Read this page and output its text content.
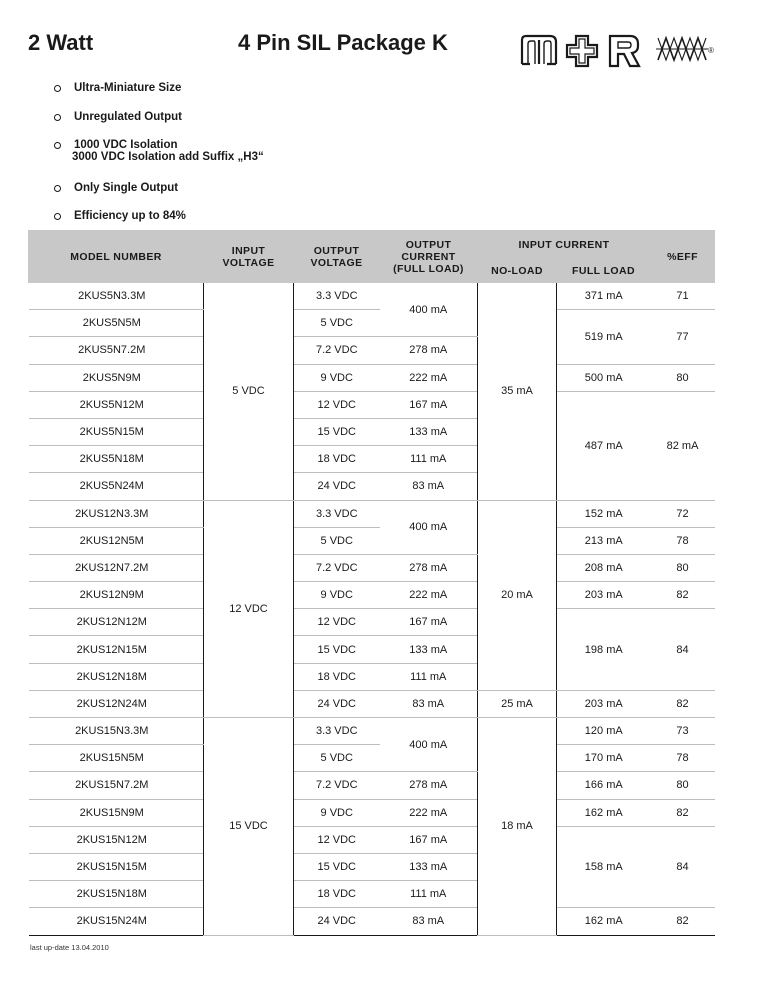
2 Watt	4 Pin SIL Package K	®
Ultra-Miniature Size
Unregulated Output
1000 VDC Isolation
3000 VDC Isolation add Suffix „H3“
Only Single Output
Efficiency up to 84%
MODEL NUMBER	INPUT VOLTAGE	OUTPUT VOLTAGE	OUTPUT CURRENT (FULL LOAD)	INPUT CURRENT		%EFF
				NO-LOAD	FULL LOAD	
2KUS5N3.3M	5 VDC	3.3 VDC	400 mA	35 mA	371 mA	71
2KUS5N5M		5 VDC			519 mA	77
2KUS5N7.2M		7.2 VDC	278 mA			
2KUS5N9M		9 VDC	222 mA		500 mA	80
2KUS5N12M		12 VDC	167 mA		487 mA	82 mA
2KUS5N15M		15 VDC	133 mA			
2KUS5N18M		18 VDC	111 mA			
2KUS5N24M		24 VDC	83 mA			
2KUS12N3.3M	12 VDC	3.3 VDC	400 mA	20 mA	152 mA	72
2KUS12N5M		5 VDC			213 mA	78
2KUS12N7.2M		7.2 VDC	278 mA		208 mA	80
2KUS12N9M		9 VDC	222 mA		203 mA	82
2KUS12N12M		12 VDC	167 mA		198 mA	84
2KUS12N15M		15 VDC	133 mA			
2KUS12N18M		18 VDC	111 mA			
2KUS12N24M		24 VDC	83 mA	25 mA	203 mA	82
2KUS15N3.3M	15 VDC	3.3 VDC	400 mA	18 mA	120 mA	73
2KUS15N5M		5 VDC			170 mA	78
2KUS15N7.2M		7.2 VDC	278 mA		166 mA	80
2KUS15N9M		9 VDC	222 mA		162 mA	82
2KUS15N12M		12 VDC	167 mA		158 mA	84
2KUS15N15M		15 VDC	133 mA			
2KUS15N18M		18 VDC	111 mA			
2KUS15N24M		24 VDC	83 mA		162 mA	82
last up-date 13.04.2010
